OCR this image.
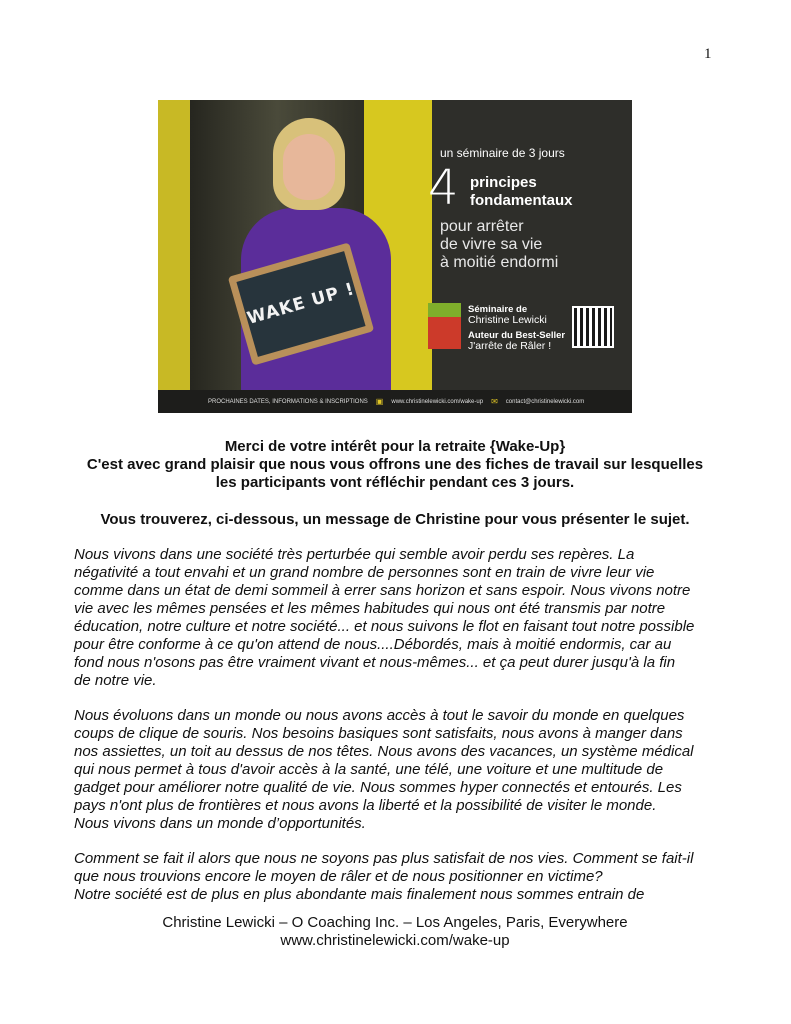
1
WAKE UP !
un séminaire de 3 jours
4 principes
fondamentaux
pour arrêter
de vivre sa vie
à moitié endormi
Séminaire de
Christine Lewicki
Auteur du Best-Seller
J'arrête de Râler !
PROCHAINES DATES, INFORMATIONS & INSCRIPTIONS ▣ www.christinelewicki.com/wake-up ✉ contact@christinelewicki.com
Merci de votre intérêt pour la retraite {Wake-Up}
C'est avec grand plaisir que nous vous offrons une des fiches de travail sur lesquelles
les participants vont réfléchir pendant ces 3 jours.
Vous trouverez, ci-dessous, un message de Christine pour vous présenter le sujet.
Nous vivons dans une société très perturbée qui semble avoir perdu ses repères. La
négativité a tout envahi et un grand nombre de personnes sont en train de vivre leur vie
comme dans un état de demi sommeil à errer sans horizon et sans espoir. Nous vivons notre
vie avec les mêmes pensées et les mêmes habitudes qui nous ont été transmis par notre
éducation, notre culture et notre société... et nous suivons le flot en faisant tout notre possible
pour être conforme à ce qu'on attend de nous....Débordés, mais à moitié endormis, car au
fond nous n'osons pas être vraiment vivant et nous-mêmes... et ça peut durer jusqu'à la fin
de notre vie.
Nous évoluons dans un monde ou nous avons accès à tout le savoir du monde en quelques
coups de clique de souris. Nos besoins basiques sont satisfaits, nous avons à manger dans
nos assiettes, un toit au dessus de nos têtes. Nous avons des vacances, un système médical
qui nous permet à tous d'avoir accès à la santé, une télé, une voiture et une multitude de
gadget pour améliorer notre qualité de vie. Nous sommes hyper connectés et entourés. Les
pays n'ont plus de frontières et nous avons la liberté et la possibilité de visiter le monde.
Nous vivons dans un monde d’opportunités.
Comment se fait il alors que nous ne soyons pas plus satisfait de nos vies. Comment se fait-il
que nous trouvions encore le moyen de râler et de nous positionner en victime?
Notre société est de plus en plus abondante mais finalement nous sommes entrain de
Christine Lewicki – O Coaching Inc. – Los Angeles, Paris, Everywhere
www.christinelewicki.com/wake-up
